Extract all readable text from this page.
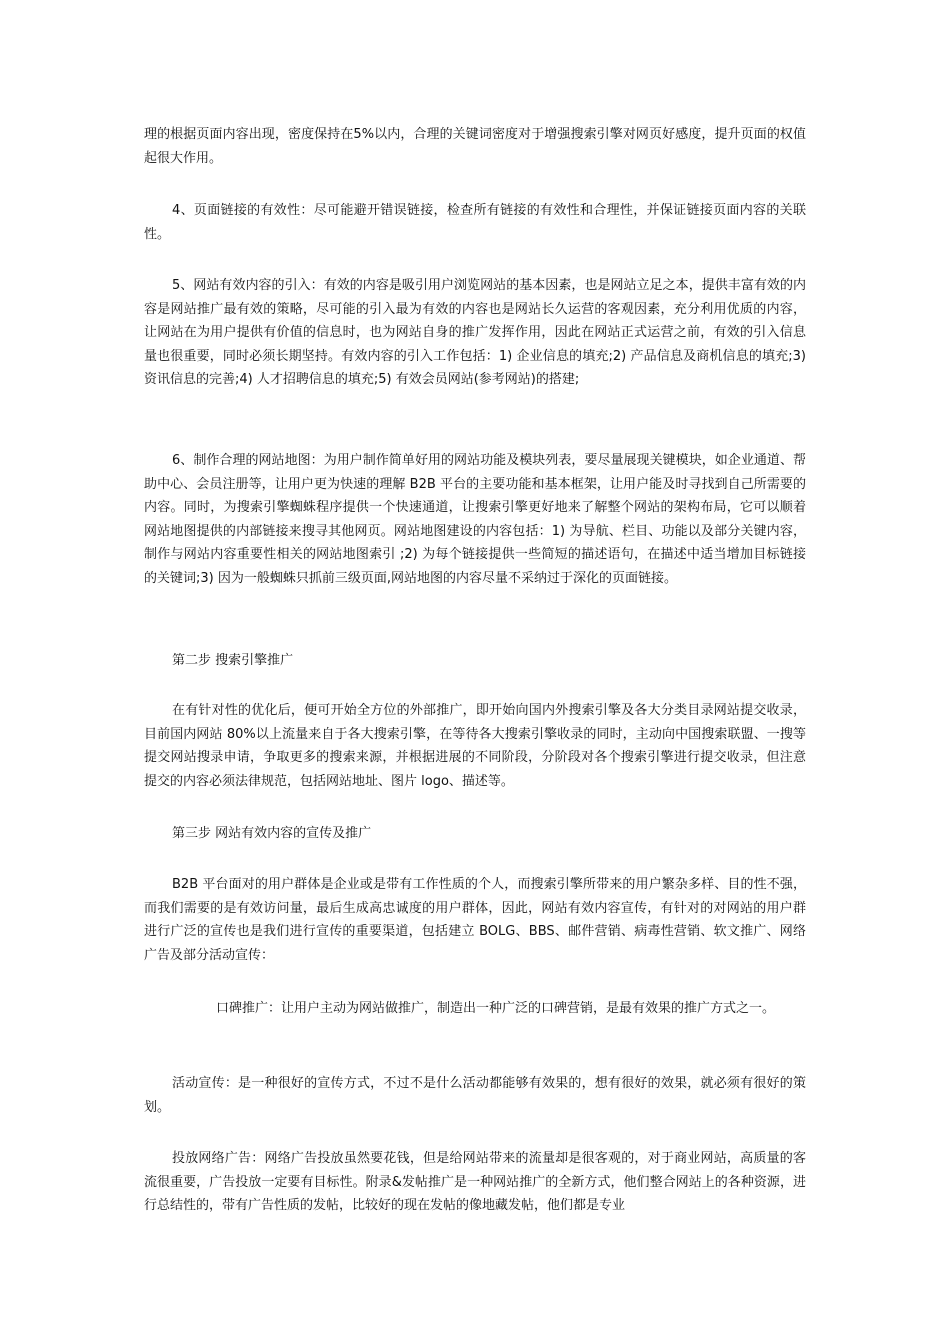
理的根据页面内容出现，密度保持在5%以内，合理的关键词密度对于增强搜索引擎对网页好感度，提升页面的权值起很大作用。

4、页面链接的有效性：尽可能避开错误链接，检查所有链接的有效性和合理性，并保证链接页面内容的关联性。

5、网站有效内容的引入：有效的内容是吸引用户浏览网站的基本因素，也是网站立足之本，提供丰富有效的内容是网站推广最有效的策略，尽可能的引入最为有效的内容也是网站长久运营的客观因素，充分利用优质的内容，让网站在为用户提供有价值的信息时，也为网站自身的推广发挥作用，因此在网站正式运营之前，有效的引入信息量也很重要，同时必须长期坚持。有效内容的引入工作包括：1) 企业信息的填充;2) 产品信息及商机信息的填充;3) 资讯信息的完善;4) 人才招聘信息的填充;5) 有效会员网站(参考网站)的搭建;

6、制作合理的网站地图：为用户制作简单好用的网站功能及模块列表，要尽量展现关键模块，如企业通道、帮助中心、会员注册等，让用户更为快速的理解 B2B 平台的主要功能和基本框架，让用户能及时寻找到自己所需要的内容。同时，为搜索引擎蜘蛛程序提供一个快速通道，让搜索引擎更好地来了解整个网站的架构布局，它可以顺着网站地图提供的内部链接来搜寻其他网页。网站地图建设的内容包括：1) 为导航、栏目、功能以及部分关键内容，制作与网站内容重要性相关的网站地图索引 ;2) 为每个链接提供一些简短的描述语句，在描述中适当增加目标链接的关键词;3) 因为一般蜘蛛只抓前三级页面,网站地图的内容尽量不采纳过于深化的页面链接。

第二步 搜索引擎推广

在有针对性的优化后，便可开始全方位的外部推广，即开始向国内外搜索引擎及各大分类目录网站提交收录，目前国内网站 80%以上流量来自于各大搜索引擎，在等待各大搜索引擎收录的同时，主动向中国搜索联盟、一搜等提交网站搜录申请，争取更多的搜索来源，并根据进展的不同阶段，分阶段对各个搜索引擎进行提交收录，但注意提交的内容必须法律规范，包括网站地址、图片 logo、描述等。

第三步 网站有效内容的宣传及推广

B2B 平台面对的用户群体是企业或是带有工作性质的个人，而搜索引擎所带来的用户繁杂多样、目的性不强，而我们需要的是有效访问量，最后生成高忠诚度的用户群体，因此，网站有效内容宣传，有针对的对网站的用户群进行广泛的宣传也是我们进行宣传的重要渠道，包括建立 BOLG、BBS、邮件营销、病毒性营销、软文推广、网络广告及部分活动宣传：

口碑推广：让用户主动为网站做推广，制造出一种广泛的口碑营销，是最有效果的推广方式之一。

活动宣传：是一种很好的宣传方式，不过不是什么活动都能够有效果的，想有很好的效果，就必须有很好的策划。

投放网络广告：网络广告投放虽然要花钱，但是给网站带来的流量却是很客观的，对于商业网站，高质量的客流很重要，广告投放一定要有目标性。附录&发帖推广是一种网站推广的全新方式，他们整合网站上的各种资源，进行总结性的，带有广告性质的发帖，比较好的现在发帖的像地藏发帖，他们都是专业
